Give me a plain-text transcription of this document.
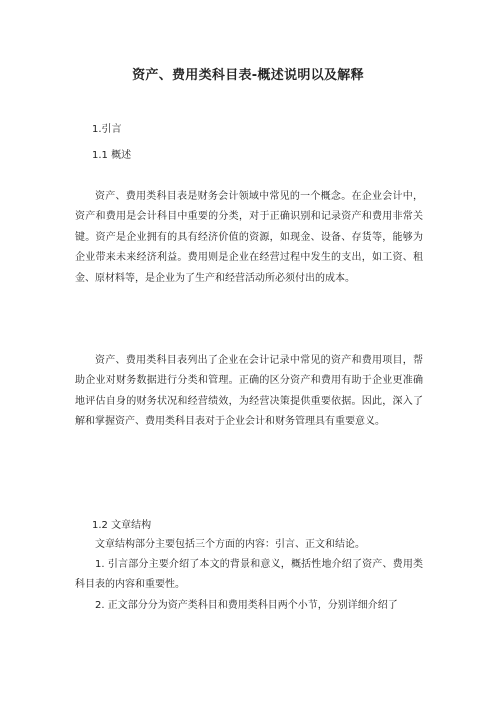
资产、费用类科目表-概述说明以及解释
1.引言
1.1 概述

资产、费用类科目表是财务会计领域中常见的一个概念。在企业会计中，资产和费用是会计科目中重要的分类，对于正确识别和记录资产和费用非常关键。资产是企业拥有的具有经济价值的资源，如现金、设备、存货等，能够为企业带来未来经济利益。费用则是企业在经营过程中发生的支出，如工资、租金、原材料等，是企业为了生产和经营活动所必须付出的成本。

资产、费用类科目表列出了企业在会计记录中常见的资产和费用项目，帮助企业对财务数据进行分类和管理。正确的区分资产和费用有助于企业更准确地评估自身的财务状况和经营绩效，为经营决策提供重要依据。因此，深入了解和掌握资产、费用类科目表对于企业会计和财务管理具有重要意义。

1.2 文章结构

文章结构部分主要包括三个方面的内容：引言、正文和结论。

1. 引言部分主要介绍了本文的背景和意义，概括性地介绍了资产、费用类科目表的内容和重要性。

2. 正文部分分为资产类科目和费用类科目两个小节，分别详细介绍了
